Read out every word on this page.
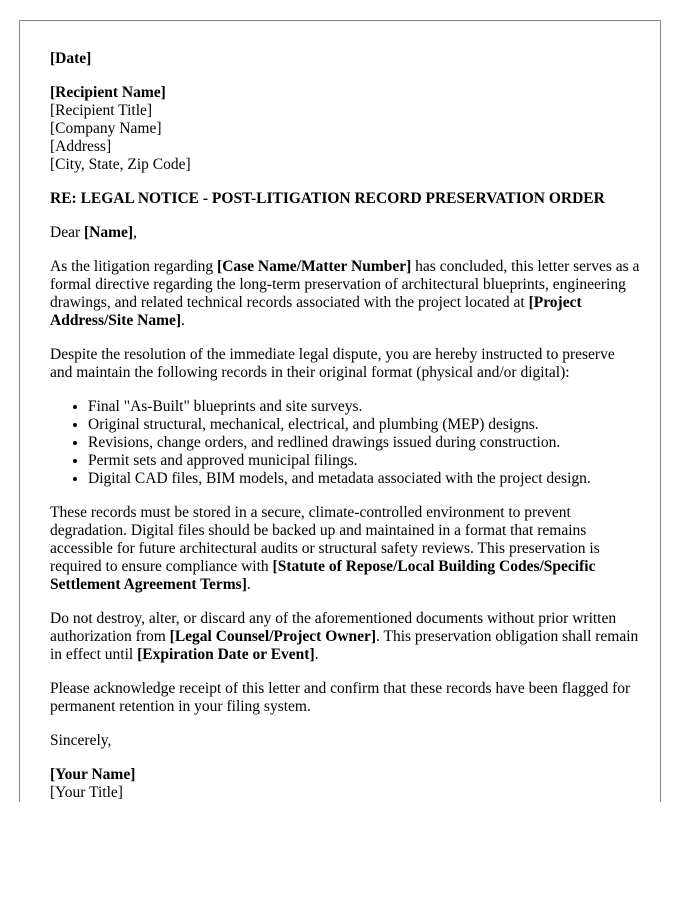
[Date]

[Recipient Name]
[Recipient Title]
[Company Name]
[Address]
[City, State, Zip Code]

RE: LEGAL NOTICE - POST-LITIGATION RECORD PRESERVATION ORDER

Dear [Name],

As the litigation regarding [Case Name/Matter Number] has concluded, this letter serves as a formal directive regarding the long-term preservation of architectural blueprints, engineering drawings, and related technical records associated with the project located at [Project Address/Site Name].

Despite the resolution of the immediate legal dispute, you are hereby instructed to preserve and maintain the following records in their original format (physical and/or digital):

• Final "As-Built" blueprints and site surveys.
• Original structural, mechanical, electrical, and plumbing (MEP) designs.
• Revisions, change orders, and redlined drawings issued during construction.
• Permit sets and approved municipal filings.
• Digital CAD files, BIM models, and metadata associated with the project design.

These records must be stored in a secure, climate-controlled environment to prevent degradation. Digital files should be backed up and maintained in a format that remains accessible for future architectural audits or structural safety reviews. This preservation is required to ensure compliance with [Statute of Repose/Local Building Codes/Specific Settlement Agreement Terms].

Do not destroy, alter, or discard any of the aforementioned documents without prior written authorization from [Legal Counsel/Project Owner]. This preservation obligation shall remain in effect until [Expiration Date or Event].

Please acknowledge receipt of this letter and confirm that these records have been flagged for permanent retention in your filing system.

Sincerely,

[Your Name]
[Your Title]
